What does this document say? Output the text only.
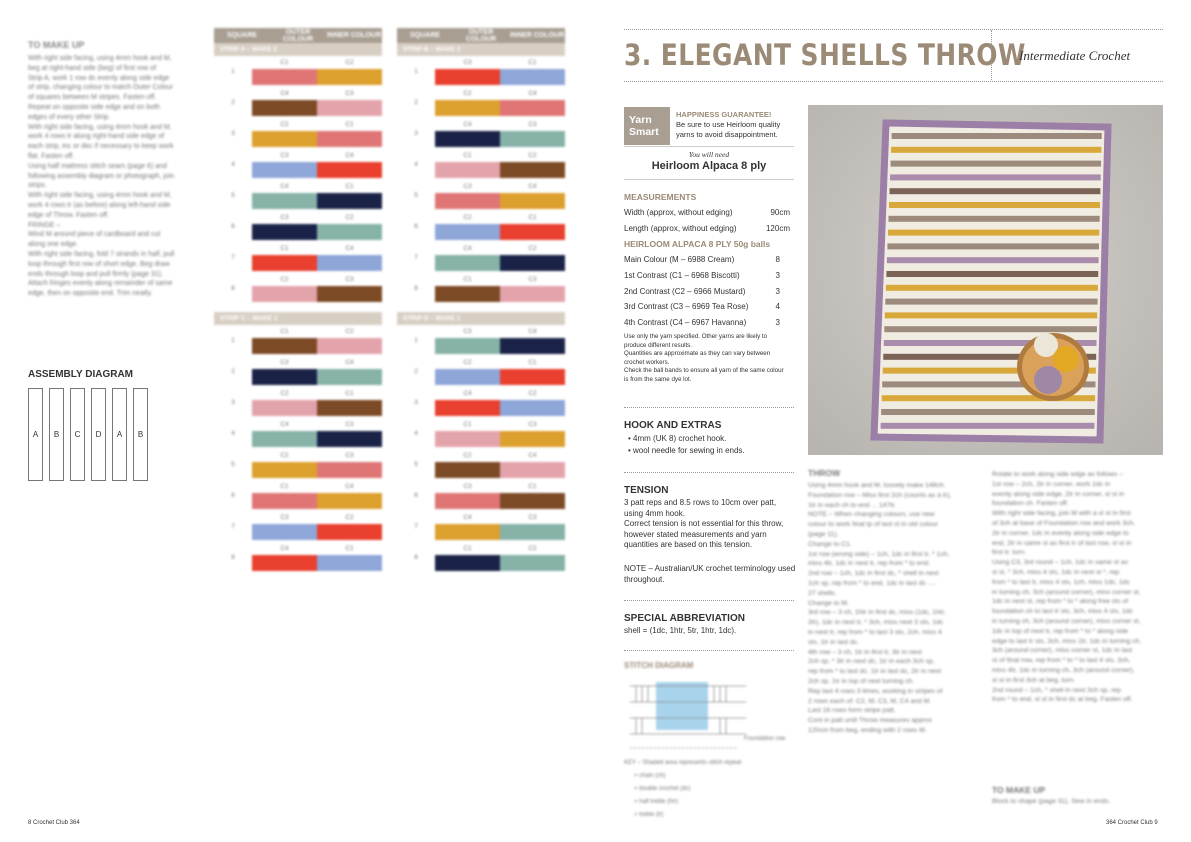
TO MAKE UP
With right side facing, using 4mm hook and M,
beg at right-hand side (beg) of first row of
Strip A, work 1 row dc evenly along side edge
of strip, changing colour to match Outer Colour
of squares between M stripes. Fasten off.
Repeat on opposite side edge and on both
edges of every other Strip.
With right side facing, using 4mm hook and M,
work 4 rows tr along right-hand side edge of
each strip, inc or dec if necessary to keep work
flat. Fasten off.
Using half mattress stitch seam (page 6) and
following assembly diagram or photograph, join
strips.
With right side facing, using 4mm hook and M,
work 4 rows tr (as before) along left-hand side
edge of Throw. Fasten off.
FRINGE –
Wind M around piece of cardboard and cut
along one edge.
With right side facing, fold 7 strands in half, pull
loop through first row of short edge. Beg draw
ends through loop and pull firmly (page 31).
Attach fringes evenly along remainder of same
edge, then on opposite end. Trim neatly.
ASSEMBLY DIAGRAM
A	B	C	D	A	B
SQUARE	OUTER COLOUR	INNER COLOUR
STRIP A – MAKE 2
1
C1	C2
2
C4	C3
3
C2	C1
4
C3	C4
5
C4	C1
6
C3	C2
7
C1	C4
8
C2	C3
SQUARE	OUTER COLOUR	INNER COLOUR
STRIP B – MAKE 2
1
C3	C1
2
C2	C4
3
C4	C3
4
C1	C2
5
C3	C4
6
C2	C1
7
C4	C2
8
C1	C3
STRIP C – MAKE 1
1
C1	C2
2
C3	C4
3
C2	C1
4
C4	C3
5
C2	C3
6
C1	C4
7
C3	C2
8
C4	C1
STRIP D – MAKE 1
1
C3	C4
2
C2	C1
3
C4	C2
4
C1	C3
5
C2	C4
6
C3	C1
7
C4	C3
8
C1	C2
8 Crochet Club 364
3. ELEGANT SHELLS THROW
Intermediate Crochet
Yarn
Smart
HAPPINESS GUARANTEE!
Be sure to use Heirloom quality yarns to avoid disappointment.
You will need
Heirloom Alpaca 8 ply
MEASUREMENTS
Width (approx, without edging)	90cm
Length (approx, without edging)	120cm
HEIRLOOM ALPACA 8 PLY 50g balls
Main Colour (M – 6988 Cream)	8
1st Contrast (C1 – 6968 Biscotti)	3
2nd Contrast (C2 – 6966 Mustard)	3
3rd Contrast (C3 – 6969 Tea Rose)	4
4th Contrast (C4 – 6967 Havanna)	3
Use only the yarn specified. Other yarns are likely to
produce different results.
Quantities are approximate as they can vary between
crochet workers.
Check the ball bands to ensure all yarn of the same colour
is from the same dye lot.
HOOK AND EXTRAS
• 4mm (UK 8) crochet hook.
• wool needle for sewing in ends.
TENSION
3 patt reps and 8.5 rows to 10cm over patt,
using 4mm hook.
Correct tension is not essential for this throw,
however stated measurements and yarn
quantities are based on this tension.
NOTE – Australian/UK crochet terminology used
throughout.
SPECIAL ABBREVIATION
shell = (1dc, 1htr, 5tr, 1htr, 1dc).
STITCH DIAGRAM
Foundation row
KEY – Shaded area represents stitch repeat
= chain (ch)
= double crochet (dc)
= half treble (htr)
= treble (tr)
THROW
Using 4mm hook and M, loosely make 148ch.
Foundation row – Miss first 2ch (counts as a tr),
1tr in each ch to end ... 147tr.
NOTE – When changing colours, use new
colour to work final tp of last st in old colour
(page 11).
Change to C1.
1st row (wrong side) – 1ch, 1dc in first tr, * 1ch,
miss 4tr, 1dc in next tr, rep from * to end.
2nd row – 1ch, 1dc in first dc, * shell in next
1ch sp, rep from * to end, 1dc in last dc ....
27 shells.
Change to M.
3rd row – 3 ch, 1htr in first dc, miss (1dc, 1htr,
2tr), 1dc in next tr, * 3ch, miss next 3 sts, 1dc
in next tr, rep from * to last 3 sts, 2ch, miss 4
sts, 1tr in last dc.
4th row – 3 ch, 1tr in first tr, 3tr in next
2ch sp, * 3tr in next dc, 1tr in each 3ch sp,
rep from * to last dc, 1tr in last dc, 2tr in next
2ch sp, 1tr in top of next turning ch.
Rep last 4 rows 3 times, working in stripes of
2 rows each of: C2, M, C3, M, C4 and M.
Last 16 rows form stripe patt.
Cont in patt until Throw measures approx
120cm from beg, ending with 2 rows M.
Rotate to work along side edge as follows –
1st row – 2ch, 2tr in corner, work 1dc in
evenly along side edge, 2tr in corner, sl st in
foundation ch. Fasten off.
With right side facing, join M with a sl st in first
of 3ch at base of Foundation row and work 3ch,
2tr in corner, 1dc in evenly along side edge to
end, 2tr in same st as first tr of last row, sl st in
first tr. turn.
Using C3, 3rd round – 1ch, 1dc in same st as
sl st, * 3ch, miss 4 sts, 1dc in next st *, rep
from * to last tr, miss 4 sts, 1ch, miss 1dc, 1dc
in turning ch, 3ch (around corner), miss corner st,
1dc in next st, rep from * to * along free sts of
foundation ch to last tr sts, 3ch, miss 4 sts, 1dc
in turning ch, 3ch (around corner), miss corner st,
1dc in top of next tr, rep from * to * along side
edge to last tr sts, 3ch, miss 1tr, 1dc in turning ch,
3ch (around corner), miss corner st, 1dc in last
st of final row, rep from * to * to last 4 sts, 3ch,
miss 4tr, 1dc in turning ch, 3ch (around corner),
sl st in first 3ch at beg, turn.
2nd round – 1ch, * shell in next 3ch sp, rep
from * to end, sl st in first dc at beg. Fasten off.
TO MAKE UP
Block to shape (page 31). Sew in ends.
364 Crochet Club 9
